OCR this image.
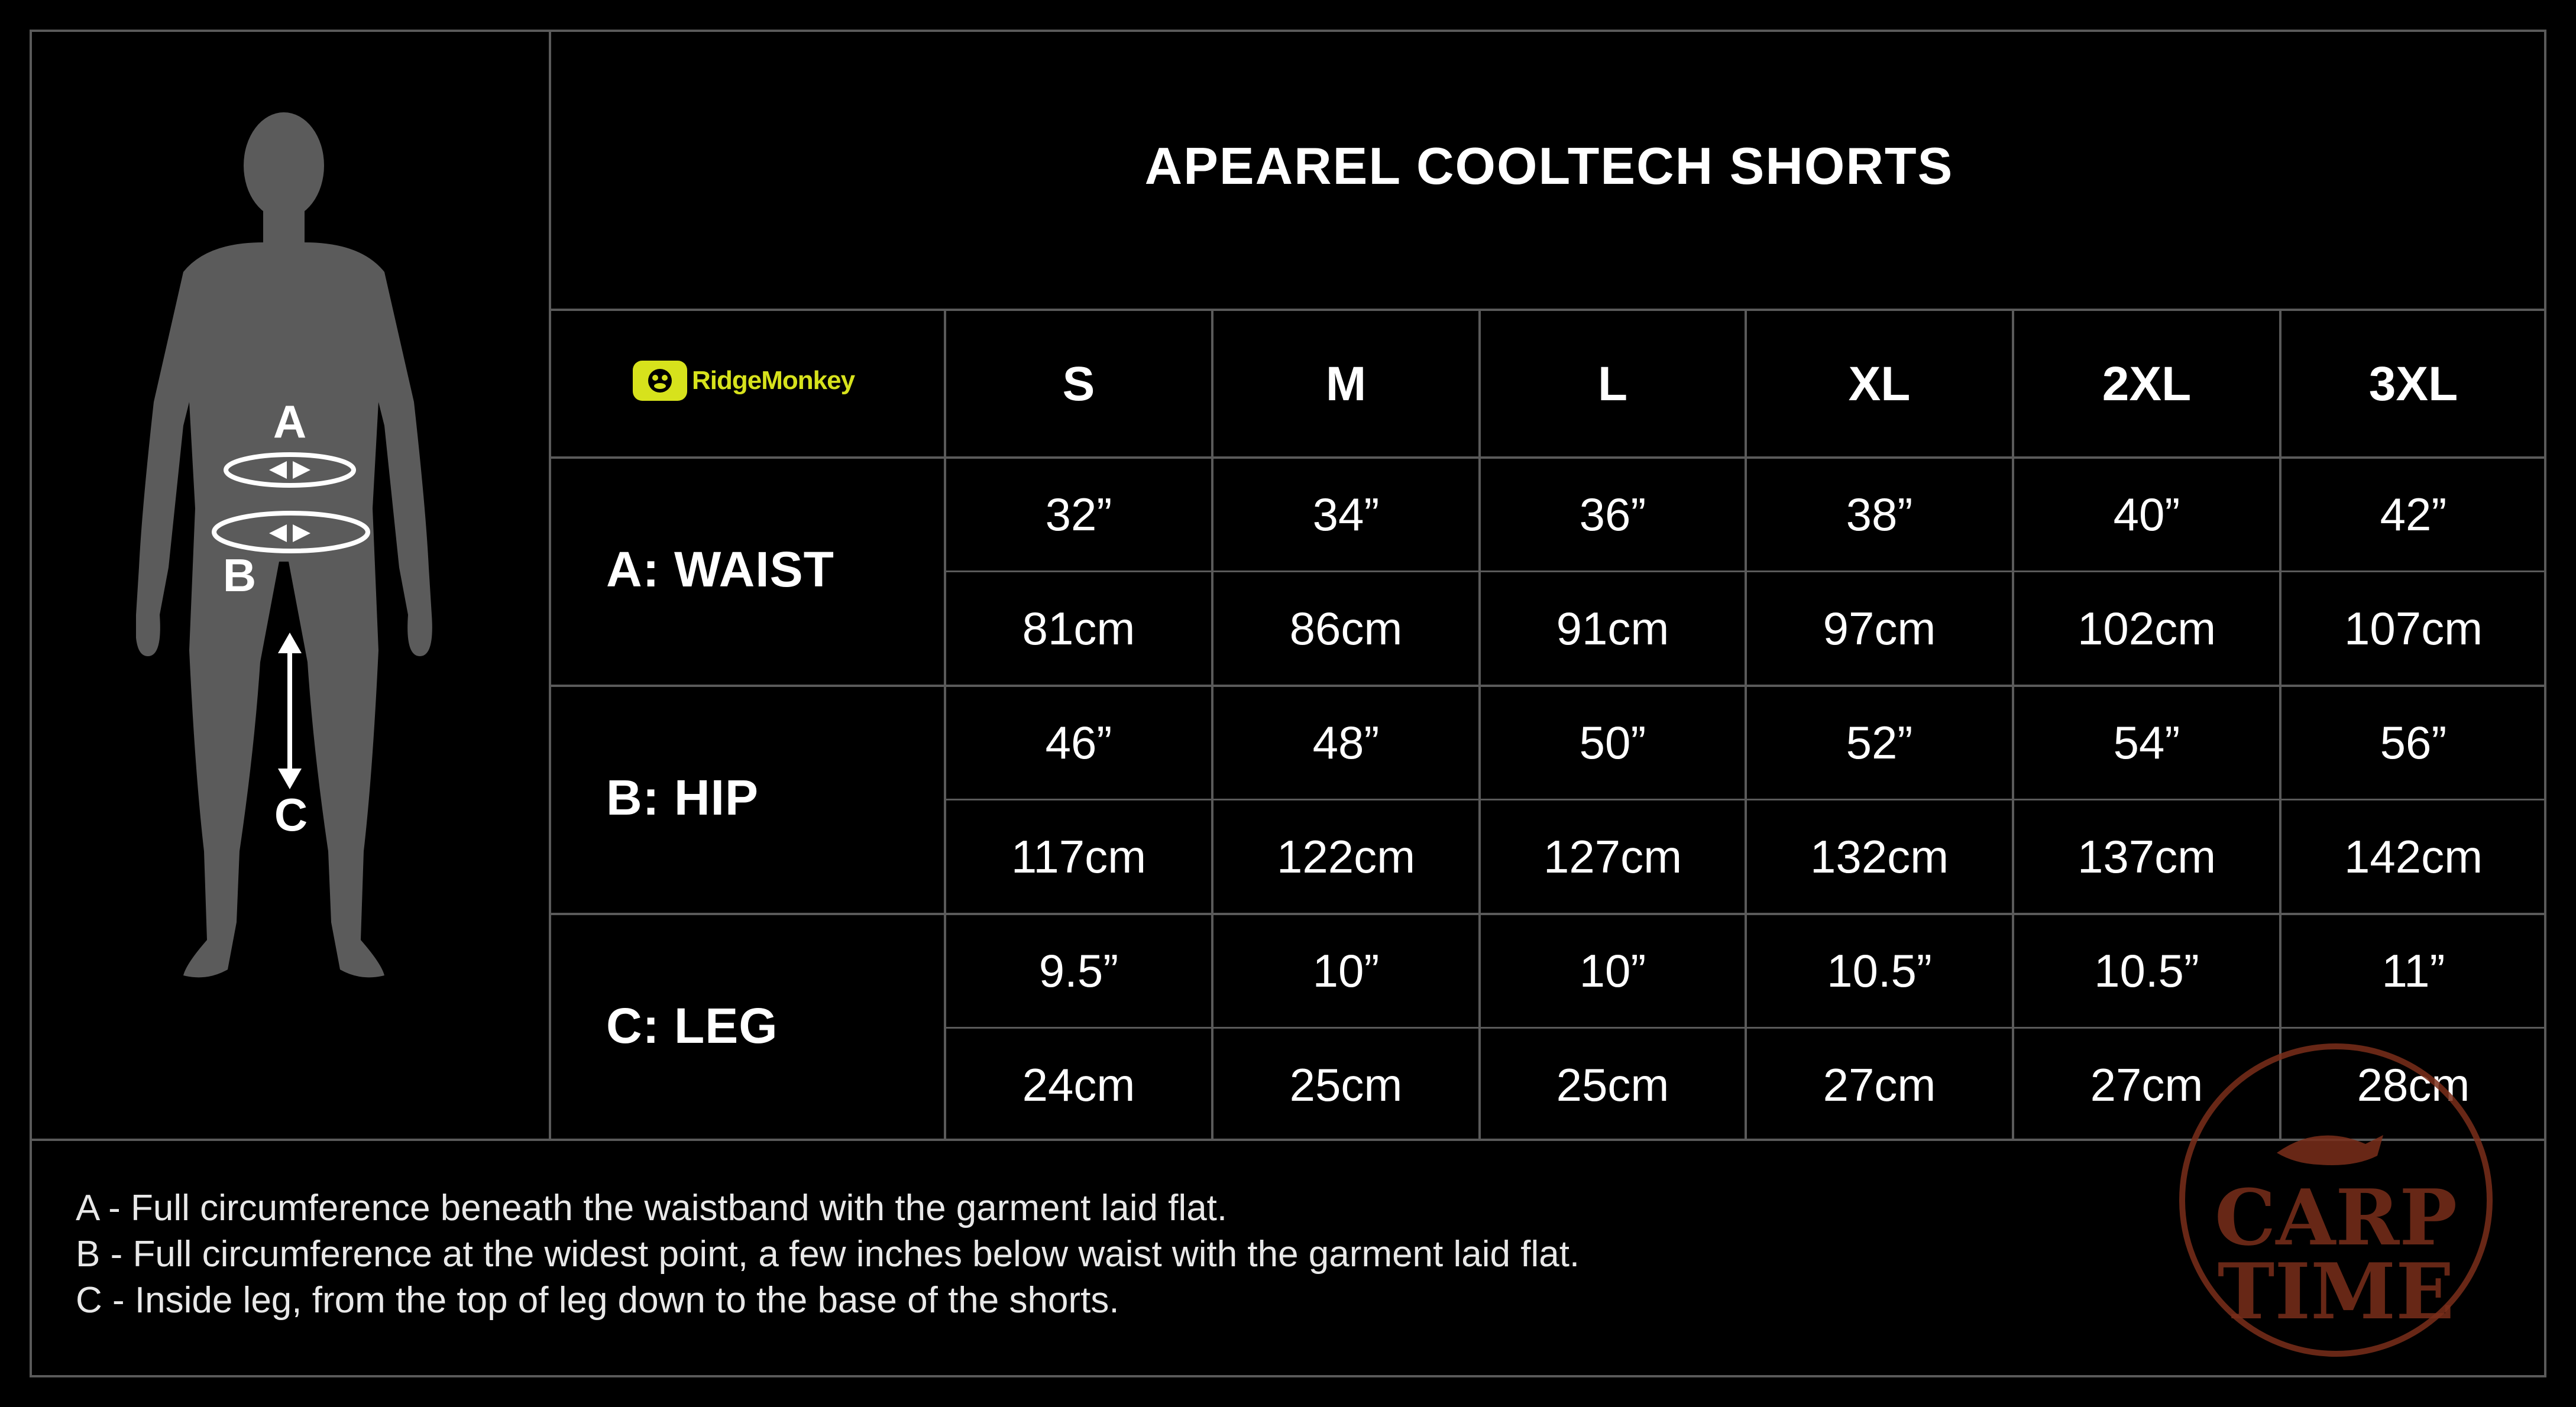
A
B
C
APEAREL COOLTECH SHORTS
RidgeMonkey	S	M	L	XL	2XL	3XL
A: WAIST
32”	34”	36”	38”	40”	42”
81cm	86cm	91cm	97cm	102cm	107cm
B: HIP
46”	48”	50”	52”	54”	56”
117cm	122cm	127cm	132cm	137cm	142cm
C: LEG
9.5”	10”	10”	10.5”	10.5”	11”
24cm	25cm	25cm	27cm	27cm	28cm
A - Full circumference beneath the waistband with the garment laid flat.
B - Full circumference at the widest point, a few inches below waist with the garment laid flat.
C - Inside leg, from the top of leg down to the base of the shorts.
CARP
TIME
